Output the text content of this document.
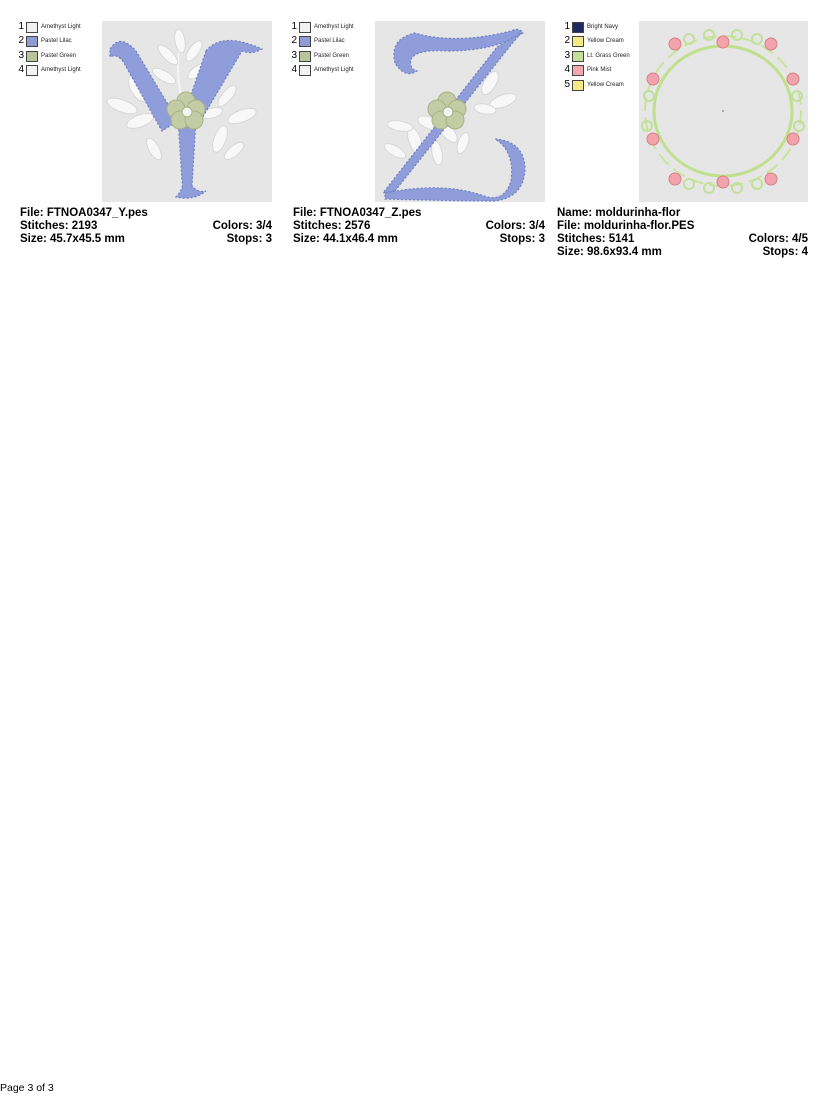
1	Amethyst Light
2	Pastel Lilac
3	Pastel Green
4	Amethyst Light
File: FTNOA0347_Y.pes
Stitches: 2193	Colors: 3/4
Size: 45.7x45.5 mm	Stops: 3
1	Amethyst Light
2	Pastel Lilac
3	Pastel Green
4	Amethyst Light
File: FTNOA0347_Z.pes
Stitches: 2576	Colors: 3/4
Size: 44.1x46.4 mm	Stops: 3
1	Bright Navy
2	Yellow Cream
3	Lt. Grass Green
4	Pink Mist
5	Yellow Cream
Name: moldurinha-flor
File: moldurinha-flor.PES
Stitches: 5141	Colors: 4/5
Size: 98.6x93.4 mm	Stops: 4
Page 3 of 3
